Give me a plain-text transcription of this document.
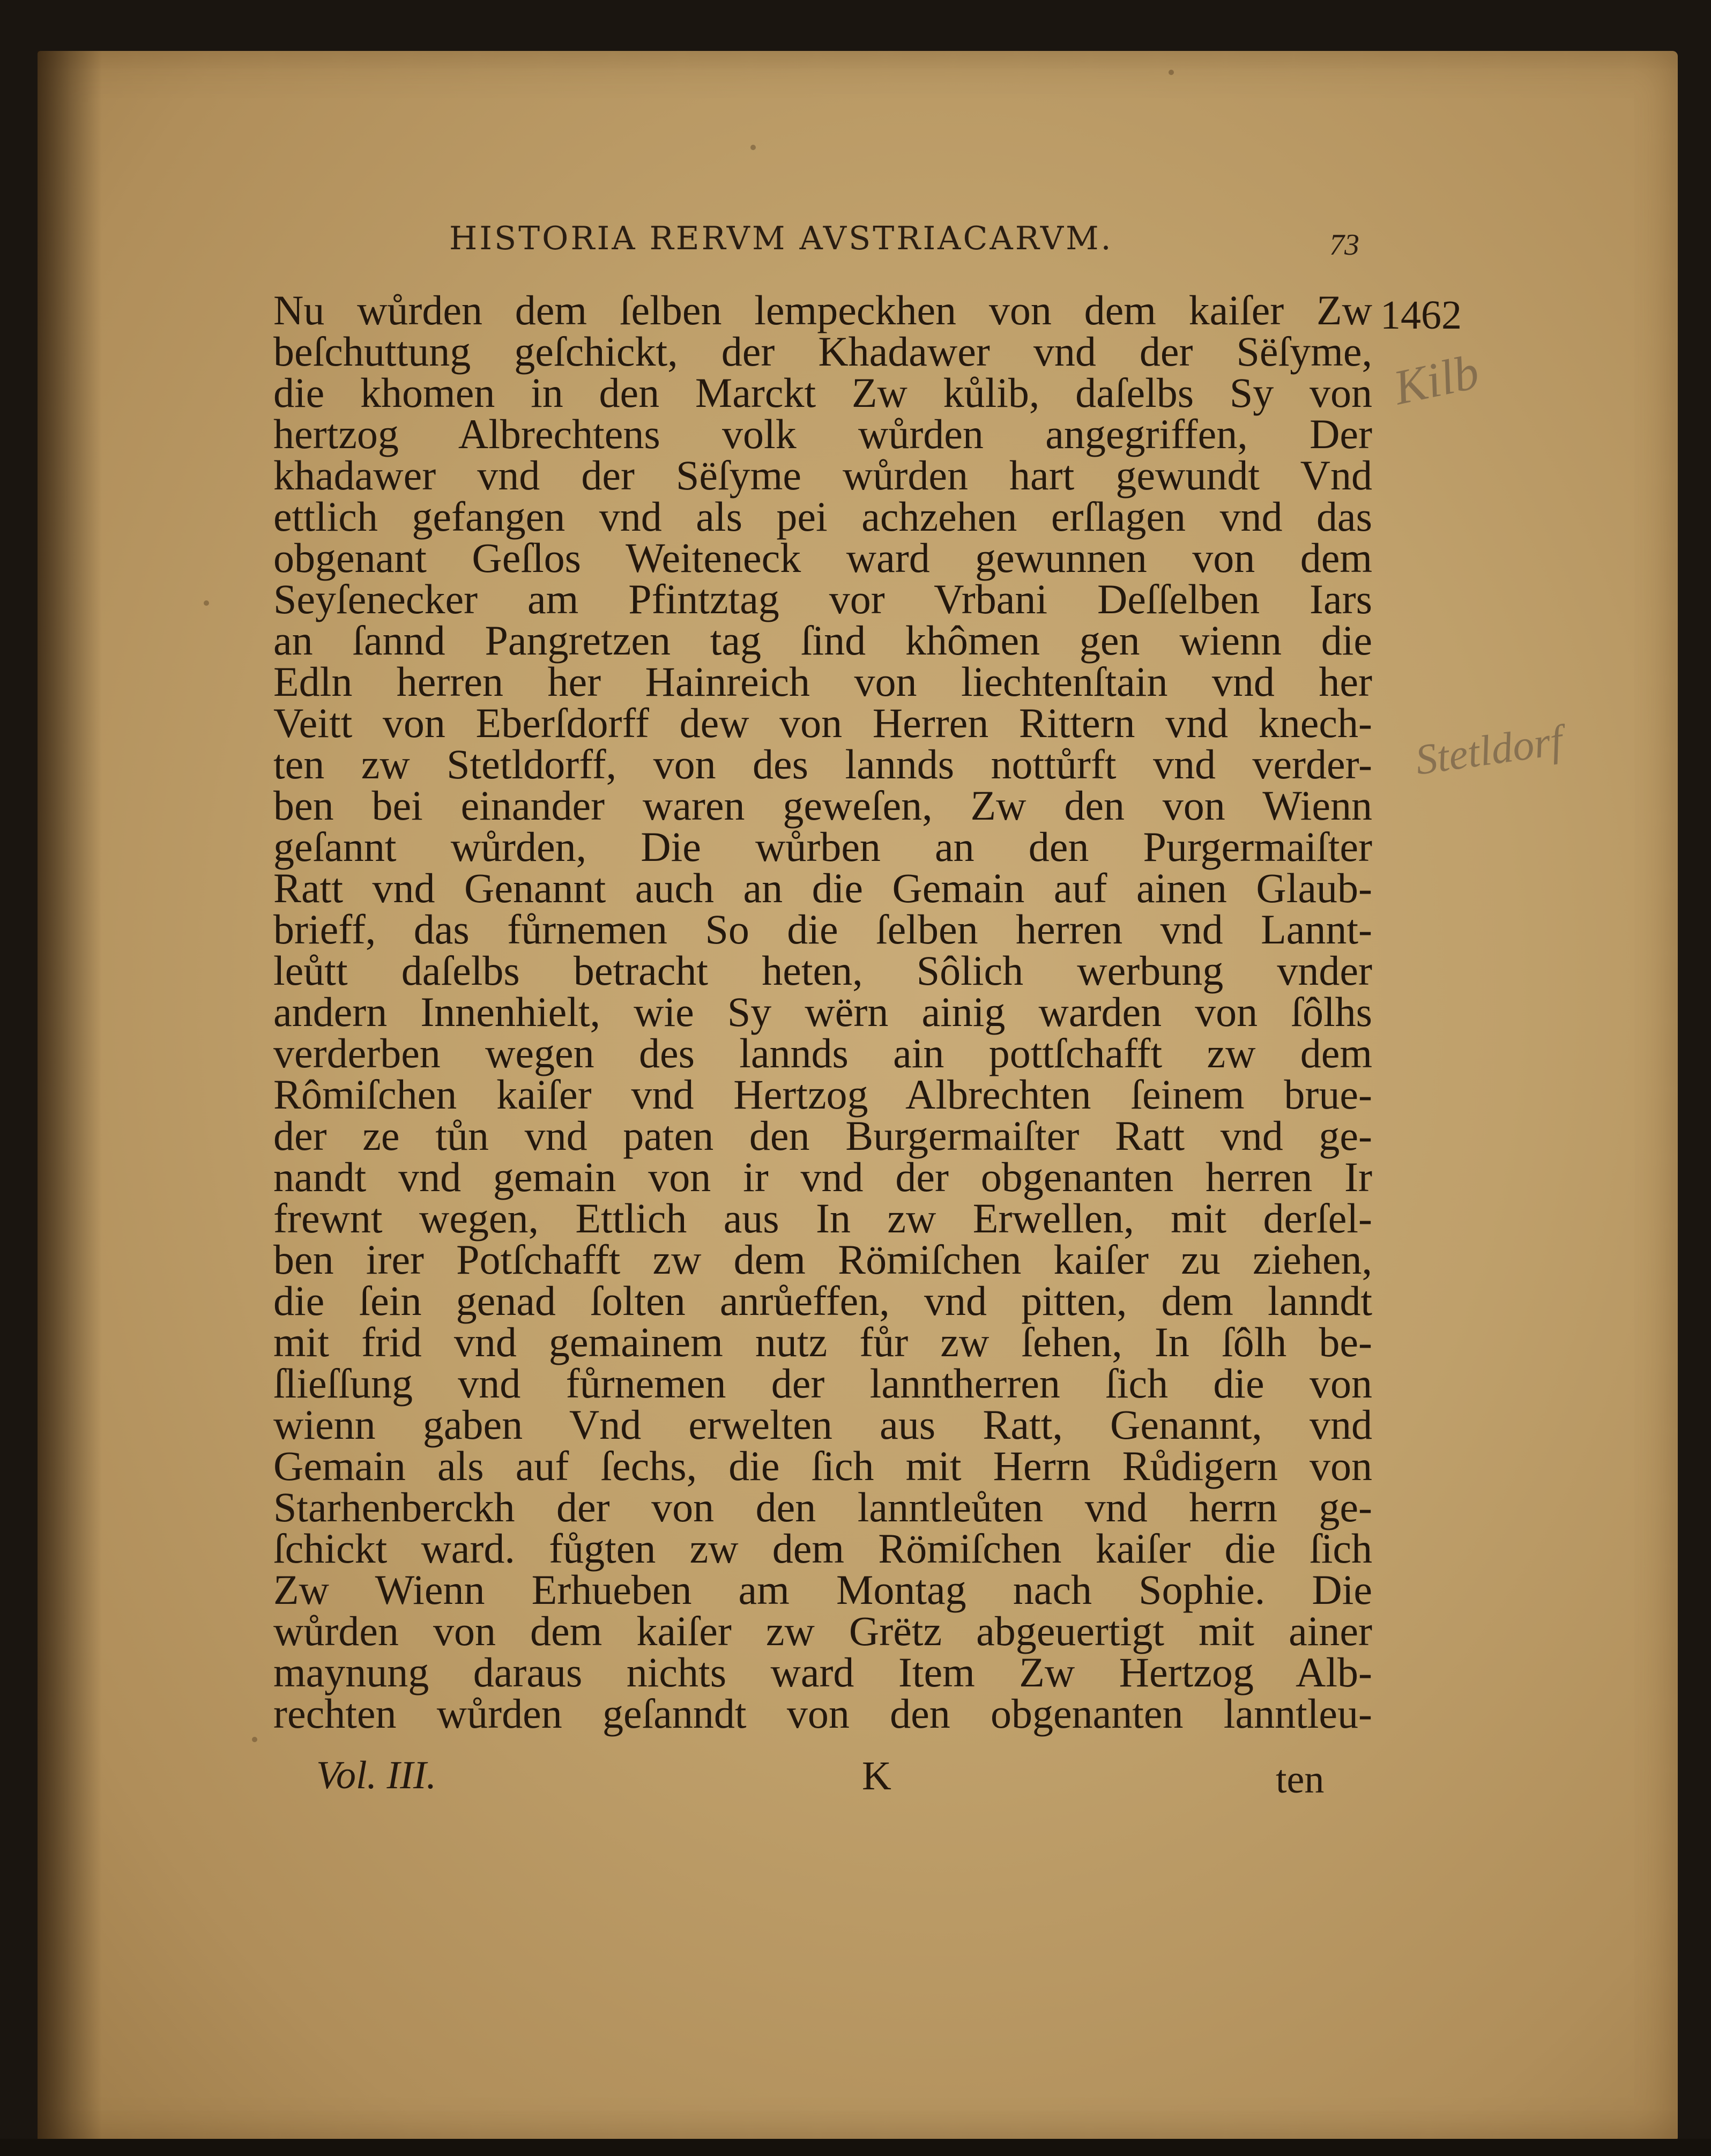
HISTORIA RERVM AVSTRIACARVM.	73
1462
Kilb
Stetldorf
Nu wůrden dem ſelben lempeckhen von dem kaiſer Zw
beſchuttung geſchickt, der Khadawer vnd der Sëſyme,
die khomen in den Marckt Zw kůlib, daſelbs Sy von
hertzog Albrechtens volk wůrden angegriffen, Der
khadawer vnd der Sëſyme wůrden hart gewundt Vnd
ettlich gefangen vnd als pei achzehen erſlagen vnd das
obgenant Geſlos Weiteneck ward gewunnen von dem
Seyſenecker am Pfintztag vor Vrbani Deſſelben Iars
an ſannd Pangretzen tag ſind khômen gen wienn die
Edln herren her Hainreich von liechtenſtain vnd her
Veitt von Eberſdorff dew von Herren Rittern vnd knech-
ten zw Stetldorff, von des lannds nottůrft vnd verder-
ben bei einander waren geweſen, Zw den von Wienn
geſannt wůrden, Die wůrben an den Purgermaiſter
Ratt vnd Genannt auch an die Gemain auf ainen Glaub-
brieff, das fůrnemen So die ſelben herren vnd Lannt-
leůtt daſelbs betracht heten, Sôlich werbung vnder
andern Innenhielt, wie Sy wërn ainig warden von ſôlhs
verderben wegen des lannds ain pottſchafft zw dem
Rômiſchen kaiſer vnd Hertzog Albrechten ſeinem brue-
der ze tůn vnd paten den Burgermaiſter Ratt vnd ge-
nandt vnd gemain von ir vnd der obgenanten herren Ir
frewnt wegen, Ettlich aus In zw Erwellen, mit derſel-
ben irer Potſchafft zw dem Römiſchen kaiſer zu ziehen,
die ſein genad ſolten anrůeffen, vnd pitten, dem lanndt
mit frid vnd gemainem nutz fůr zw ſehen, In ſôlh be-
ſlieſſung vnd fůrnemen der lanntherren ſich die von
wienn gaben Vnd erwelten aus Ratt, Genannt, vnd
Gemain als auf ſechs, die ſich mit Herrn Růdigern von
Starhenberckh der von den lanntleůten vnd herrn ge-
ſchickt ward. fůgten zw dem Römiſchen kaiſer die ſich
Zw Wienn Erhueben am Montag nach Sophie. Die
wůrden von dem kaiſer zw Grëtz abgeuertigt mit ainer
maynung daraus nichts ward Item Zw Hertzog Alb-
rechten wůrden geſanndt von den obgenanten lanntleu-
Vol. III.	K	ten
